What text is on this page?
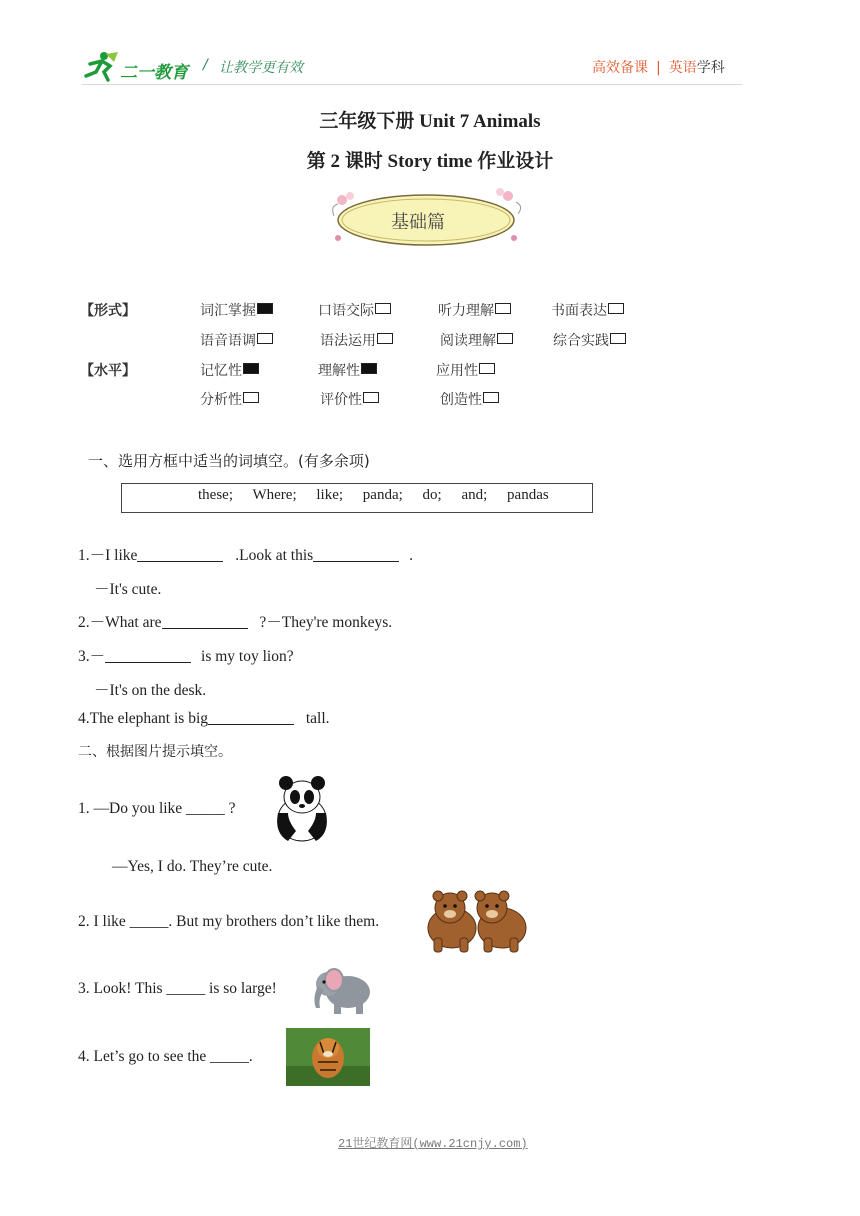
二一教育 / 让教学更有效	高效备课 | 英语学科
三年级下册 Unit 7 Animals
第 2 课时 Story time 作业设计
基础篇
【形式】	词汇掌握	口语交际	听力理解	书面表达
语音语调	语法运用	阅读理解	综合实践
【水平】	记忆性	理解性	应用性
分析性	评价性	创造性
一、选用方框中适当的词填空。(有多余项)
these; Where; like; panda; do; and; pandas
1.－I like	.Look at this	.
－It's cute.
2.－What are	?－They're monkeys.
3.－	is my toy lion?
－It's on the desk.
4.The elephant is big	tall.
二、根据图片提示填空。
1. —Do you like _____ ?
—Yes, I do. They’re cute.
2. I like _____. But my brothers don’t like them.
3. Look! This _____ is so large!
4. Let’s go to see the _____.
21世纪教育网(www.21cnjy.com)
